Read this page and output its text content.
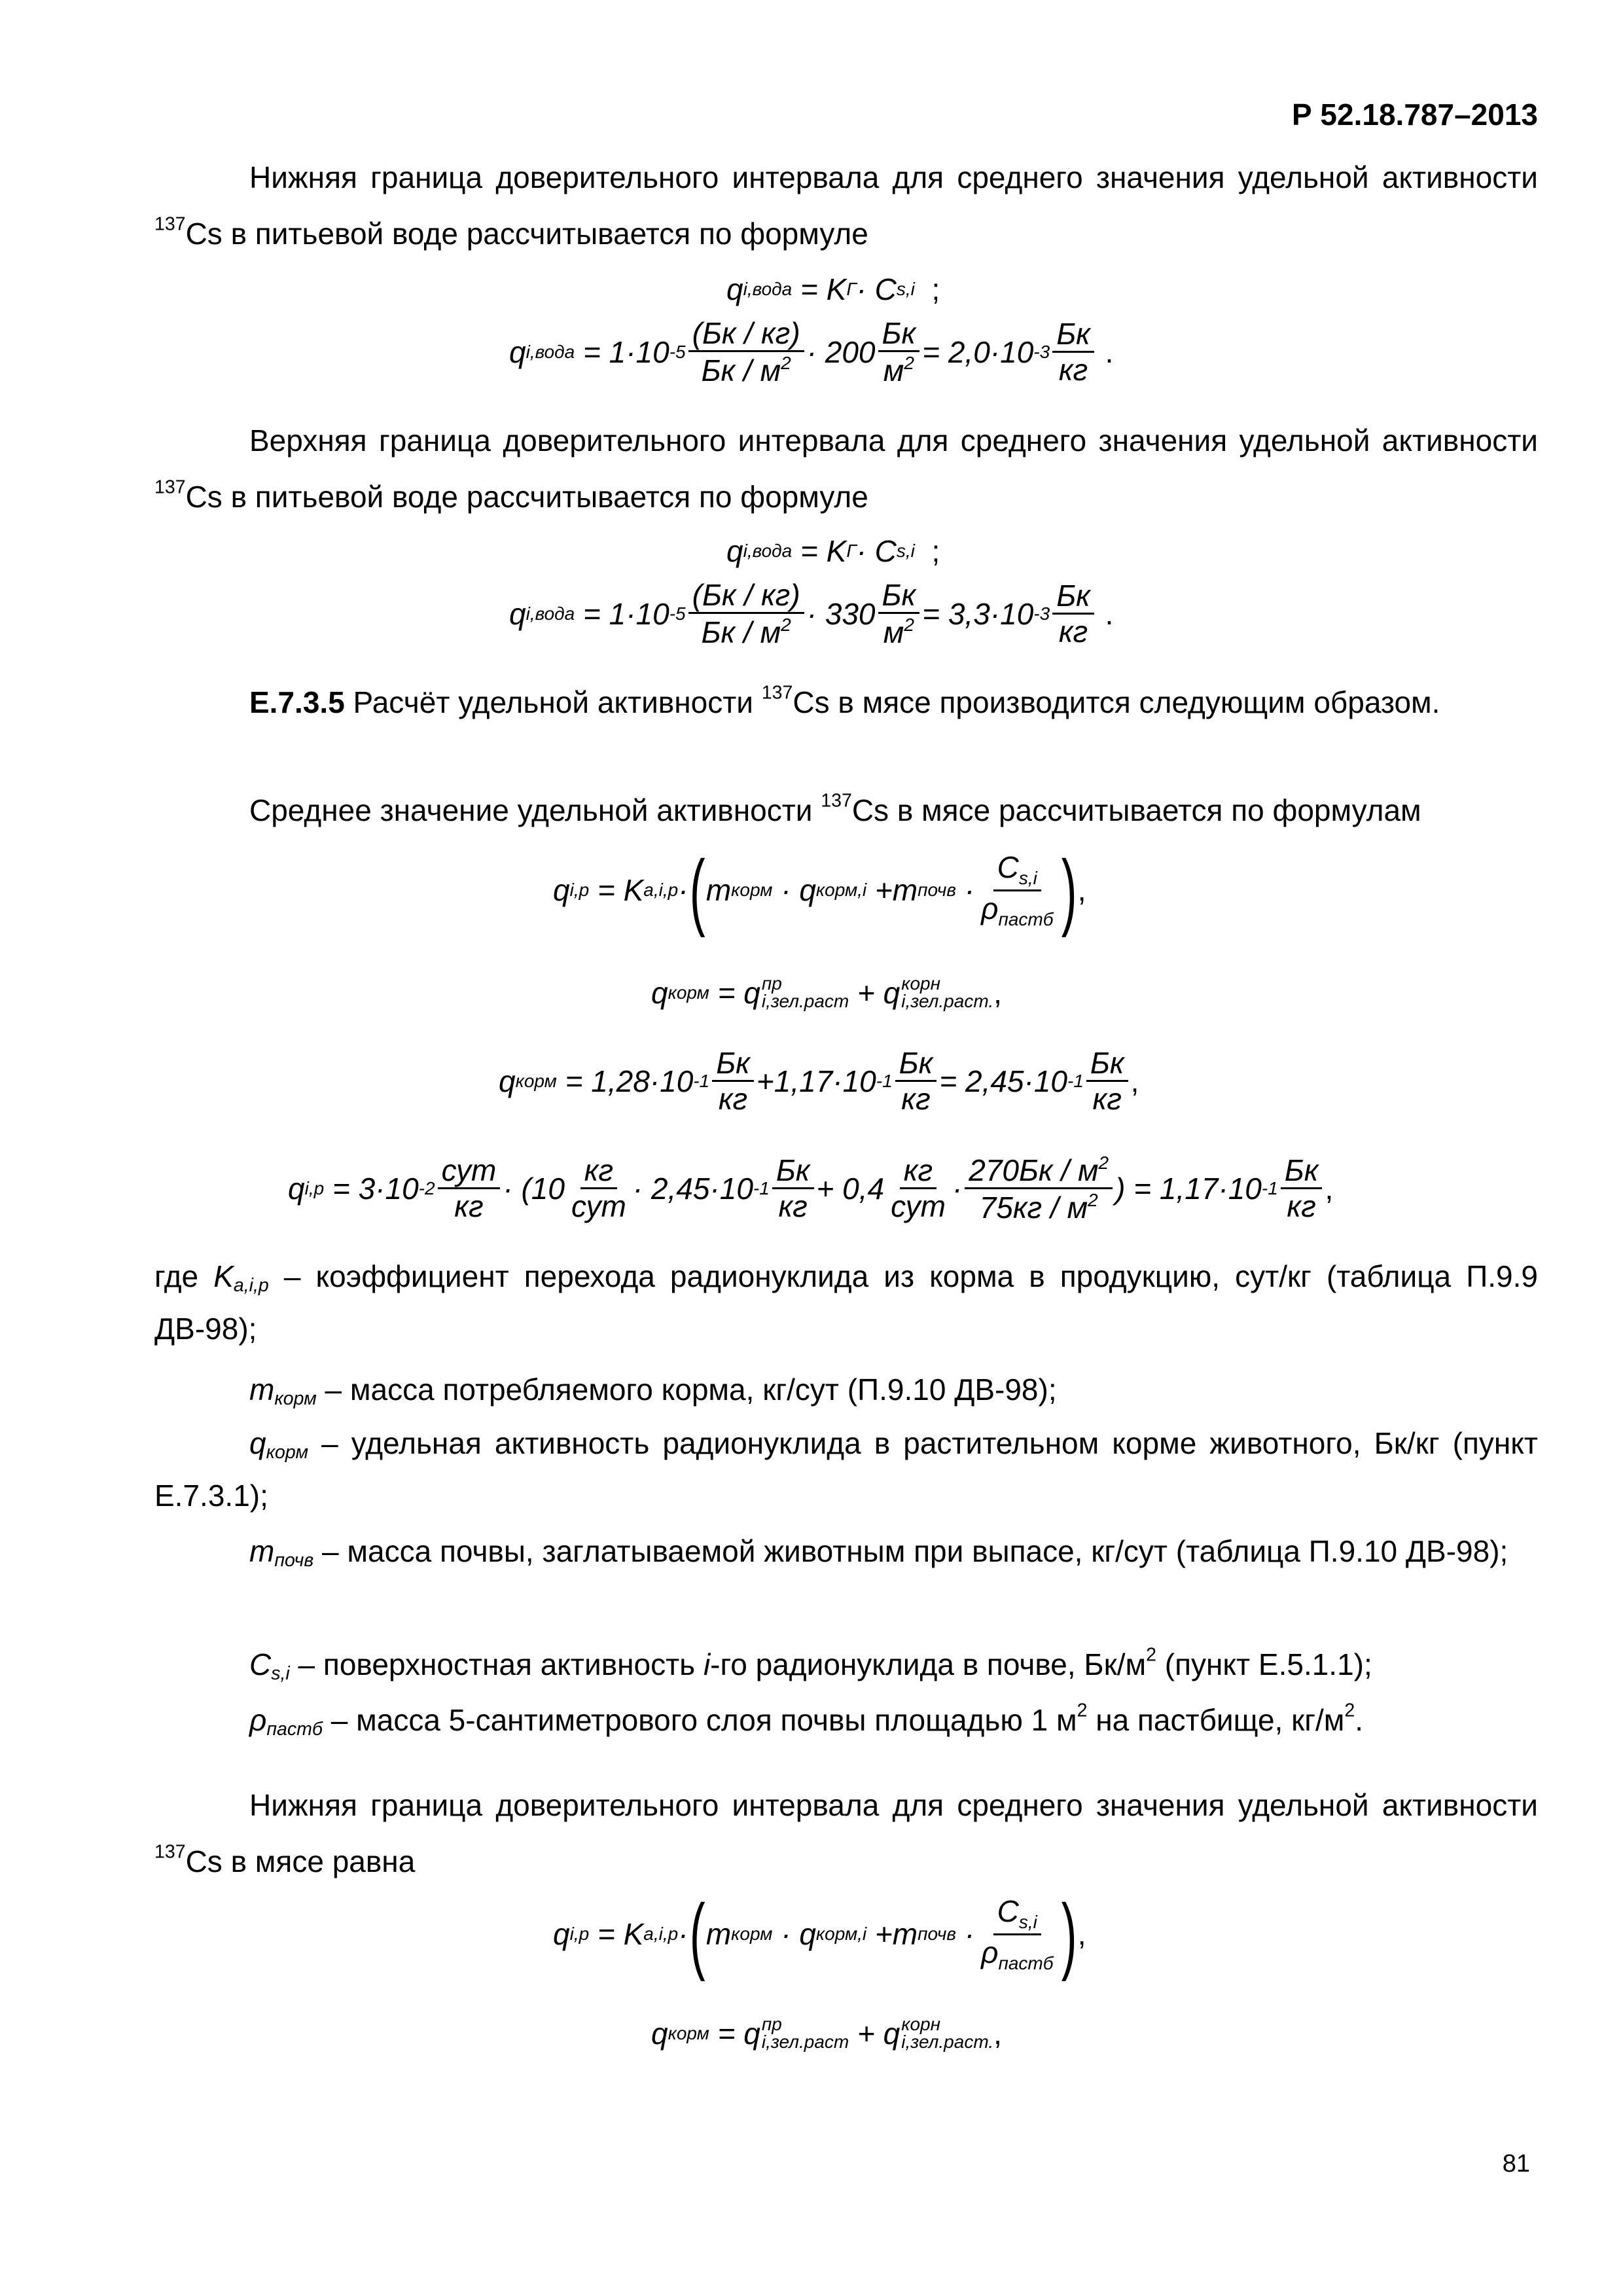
Р 52.18.787–2013

Нижняя граница доверительного интервала для среднего значения удельной активности $^{137}$Cs в питьевой воде рассчитывается по формуле

q i,вода
= K Г ·
C s,i
;
q i,вода
= 1·10 $-5 \frac{(Бк / кг)}{Бк / м^2} \cdot 200 \frac{Бк}{м^2} = 2,0\cdot 10$ $-3 \frac{Бк}{кг}$
.

Верхняя граница доверительного интервала для среднего значения удельной активности $^{137}$Cs в питьевой воде рассчитывается по формуле

q i,вода
= K Г ·
C s,i
;
q i,вода
= 1·10 $-5 \frac{(Бк / кг)}{Бк / м^2} \cdot 330 \frac{Бк}{м^2} = 3,3\cdot 10$ $-3 \frac{Бк}{кг}$
.

Е.7.3.5 Расчёт удельной активности $^{137}$Cs в мясе производится следующим образом.

Среднее значение удельной активности $^{137}$Cs в мясе рассчитывается по формулам

q i,p
= K a,i,p · ( m корм
·
q корм,i
+m почв
· $\frac{C_{s,i}}{\rho_{пастб}}$ ) ,
q корм
= q пр
i,зел.раст
+ q корн
i,зел.раст. ,
q корм
= 1,28·10 $-1 \frac{Бк}{кг} +1,17\cdot 10$ $-1 \frac{Бк}{кг} = 2,45\cdot 10$ $-1 \frac{Бк}{кг}$ ,
q i,p
= 3·10 $-2 \frac{\text{сут}}{кг} \cdot (10 \frac{кг}{\text{сут}} \cdot 2,45\cdot 10$ $-1 \frac{Бк}{кг} + 0,4 \frac{кг}{\text{сут}} \cdot \frac{270Бк / м^2}{75кг / м^2}$ ) = 1,17·10 $-1 \frac{Бк}{кг}$ ,

где $K_{a,i,p}$ – коэффициент перехода радионуклида из корма в продукцию, сут/кг (таблица П.9.9 ДВ-98);

$m_{корм}$ – масса потребляемого корма, кг/сут (П.9.10 ДВ-98);

$q_{корм}$ – удельная активность радионуклида в растительном корме животного, Бк/кг (пункт Е.7.3.1);

$m_{почв}$ – масса почвы, заглатываемой животным при выпасе, кг/сут (таблица П.9.10 ДВ-98);

$C_{s,i}$ – поверхностная активность i-го радионуклида в почве, $Бк/м^2$ (пункт Е.5.1.1);

$\rho_{пастб}$ – масса 5-сантиметрового слоя почвы площадью 1 $м^2$ на пастбище, $кг/м^2$.

Нижняя граница доверительного интервала для среднего значения удельной активности $^{137}$Cs в мясе равна

q i,p
= K a,i,p · ( m корм
·
q корм,i
+m почв
· $\frac{C_{s,i}}{\rho_{пастб}}$ ) ,
q корм
= q пр
i,зел.раст
+ q корн
i,зел.раст. ,
81
